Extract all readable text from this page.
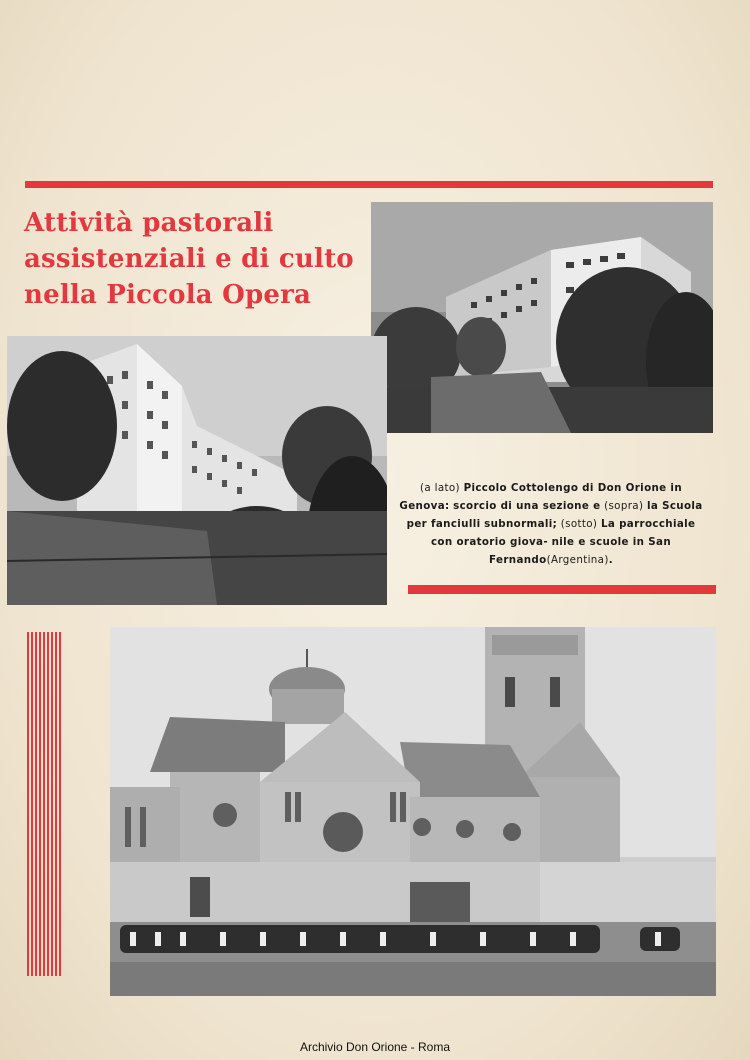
Attività pastorali
assistenziali e di culto
nella Piccola Opera
(a lato) Piccolo Cottolengo di Don Orione in Genova: scorcio di una sezione e (sopra) la Scuola per fanciulli subnormali; (sotto) La parrocchiale con oratorio giova- nile e scuole in San Fernando(Argentina).
Archivio Don Orione - Roma
